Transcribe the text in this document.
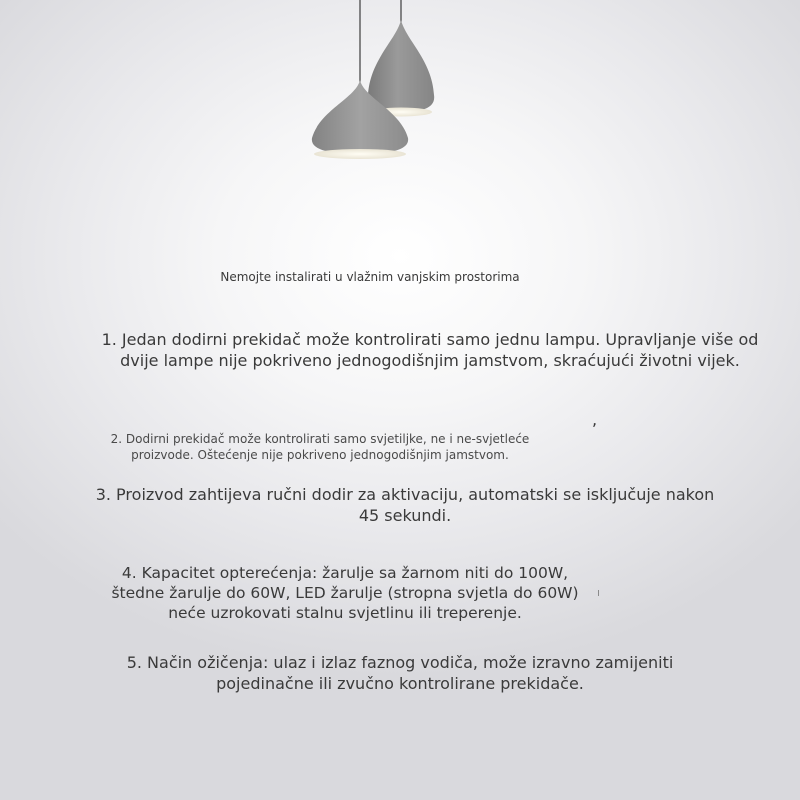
Nemojte instalirati u vlažnim vanjskim prostorima
1. Jedan dodirni prekidač može kontrolirati samo jednu lampu. Upravljanje više od dvije lampe nije pokriveno jednogodišnjim jamstvom, skraćujući životni vijek.
,
2. Dodirni prekidač može kontrolirati samo svjetiljke, ne i ne-svjetleće proizvode. Oštećenje nije pokriveno jednogodišnjim jamstvom.
3. Proizvod zahtijeva ručni dodir za aktivaciju, automatski se isključuje nakon 45 sekundi.
4. Kapacitet opterećenja: žarulje sa žarnom niti do 100W, štedne žarulje do 60W, LED žarulje (stropna svjetla do 60W) neće uzrokovati stalnu svjetlinu ili treperenje.
5. Način ožičenja: ulaz i izlaz faznog vodiča, može izravno zamijeniti pojedinačne ili zvučno kontrolirane prekidače.
